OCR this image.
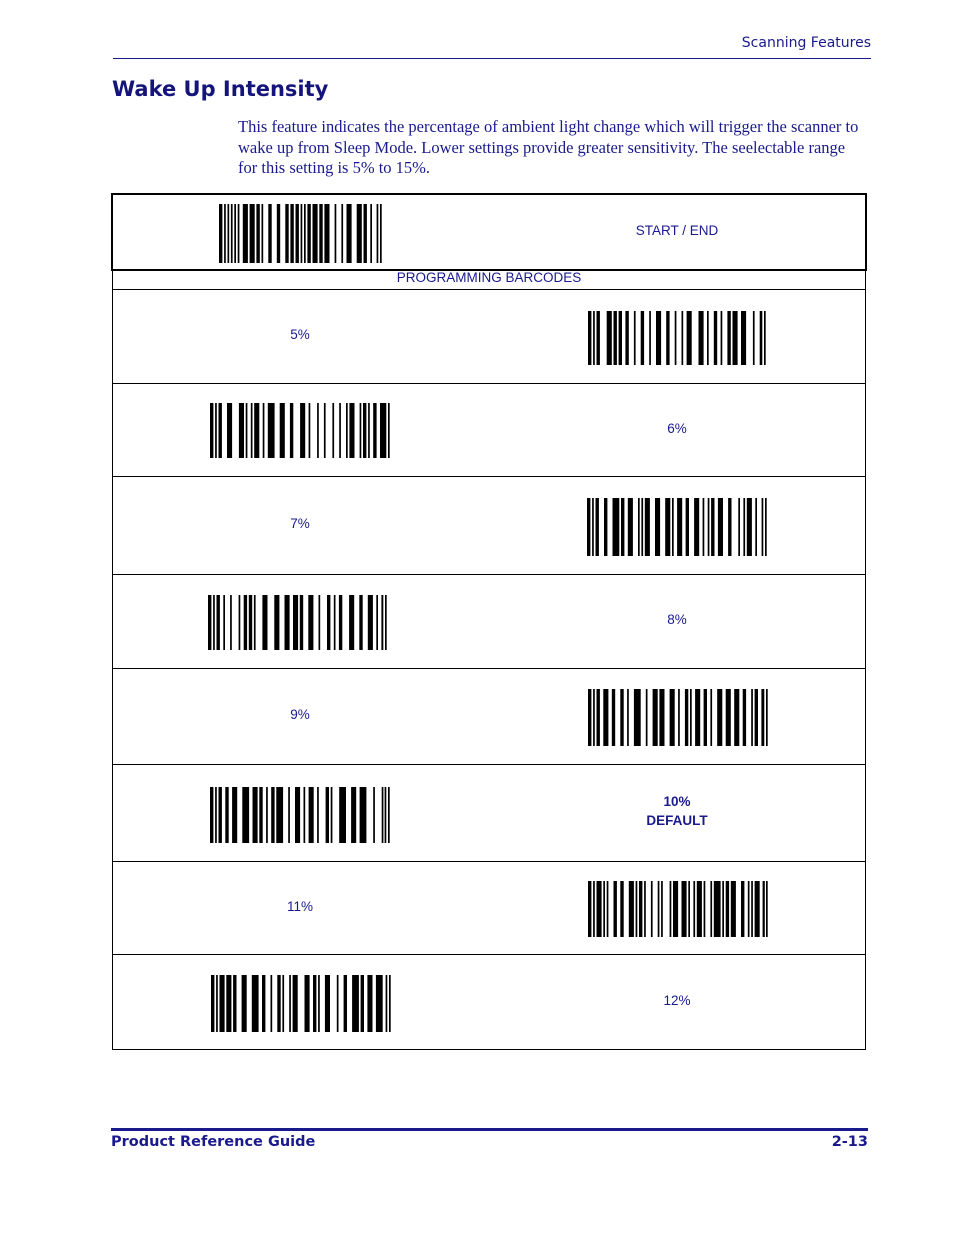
Scanning Features
Wake Up Intensity

This feature indicates the percentage of ambient light change which will trigger the scanner to wake up from Sleep Mode. Lower settings provide greater sensitivity. The seelectable range for this setting is 5% to 15%.

START / END
PROGRAMMING BARCODES
5%
6%
7%
8%
9%
10%
DEFAULT
11%
12%
Product Reference Guide	2-13
